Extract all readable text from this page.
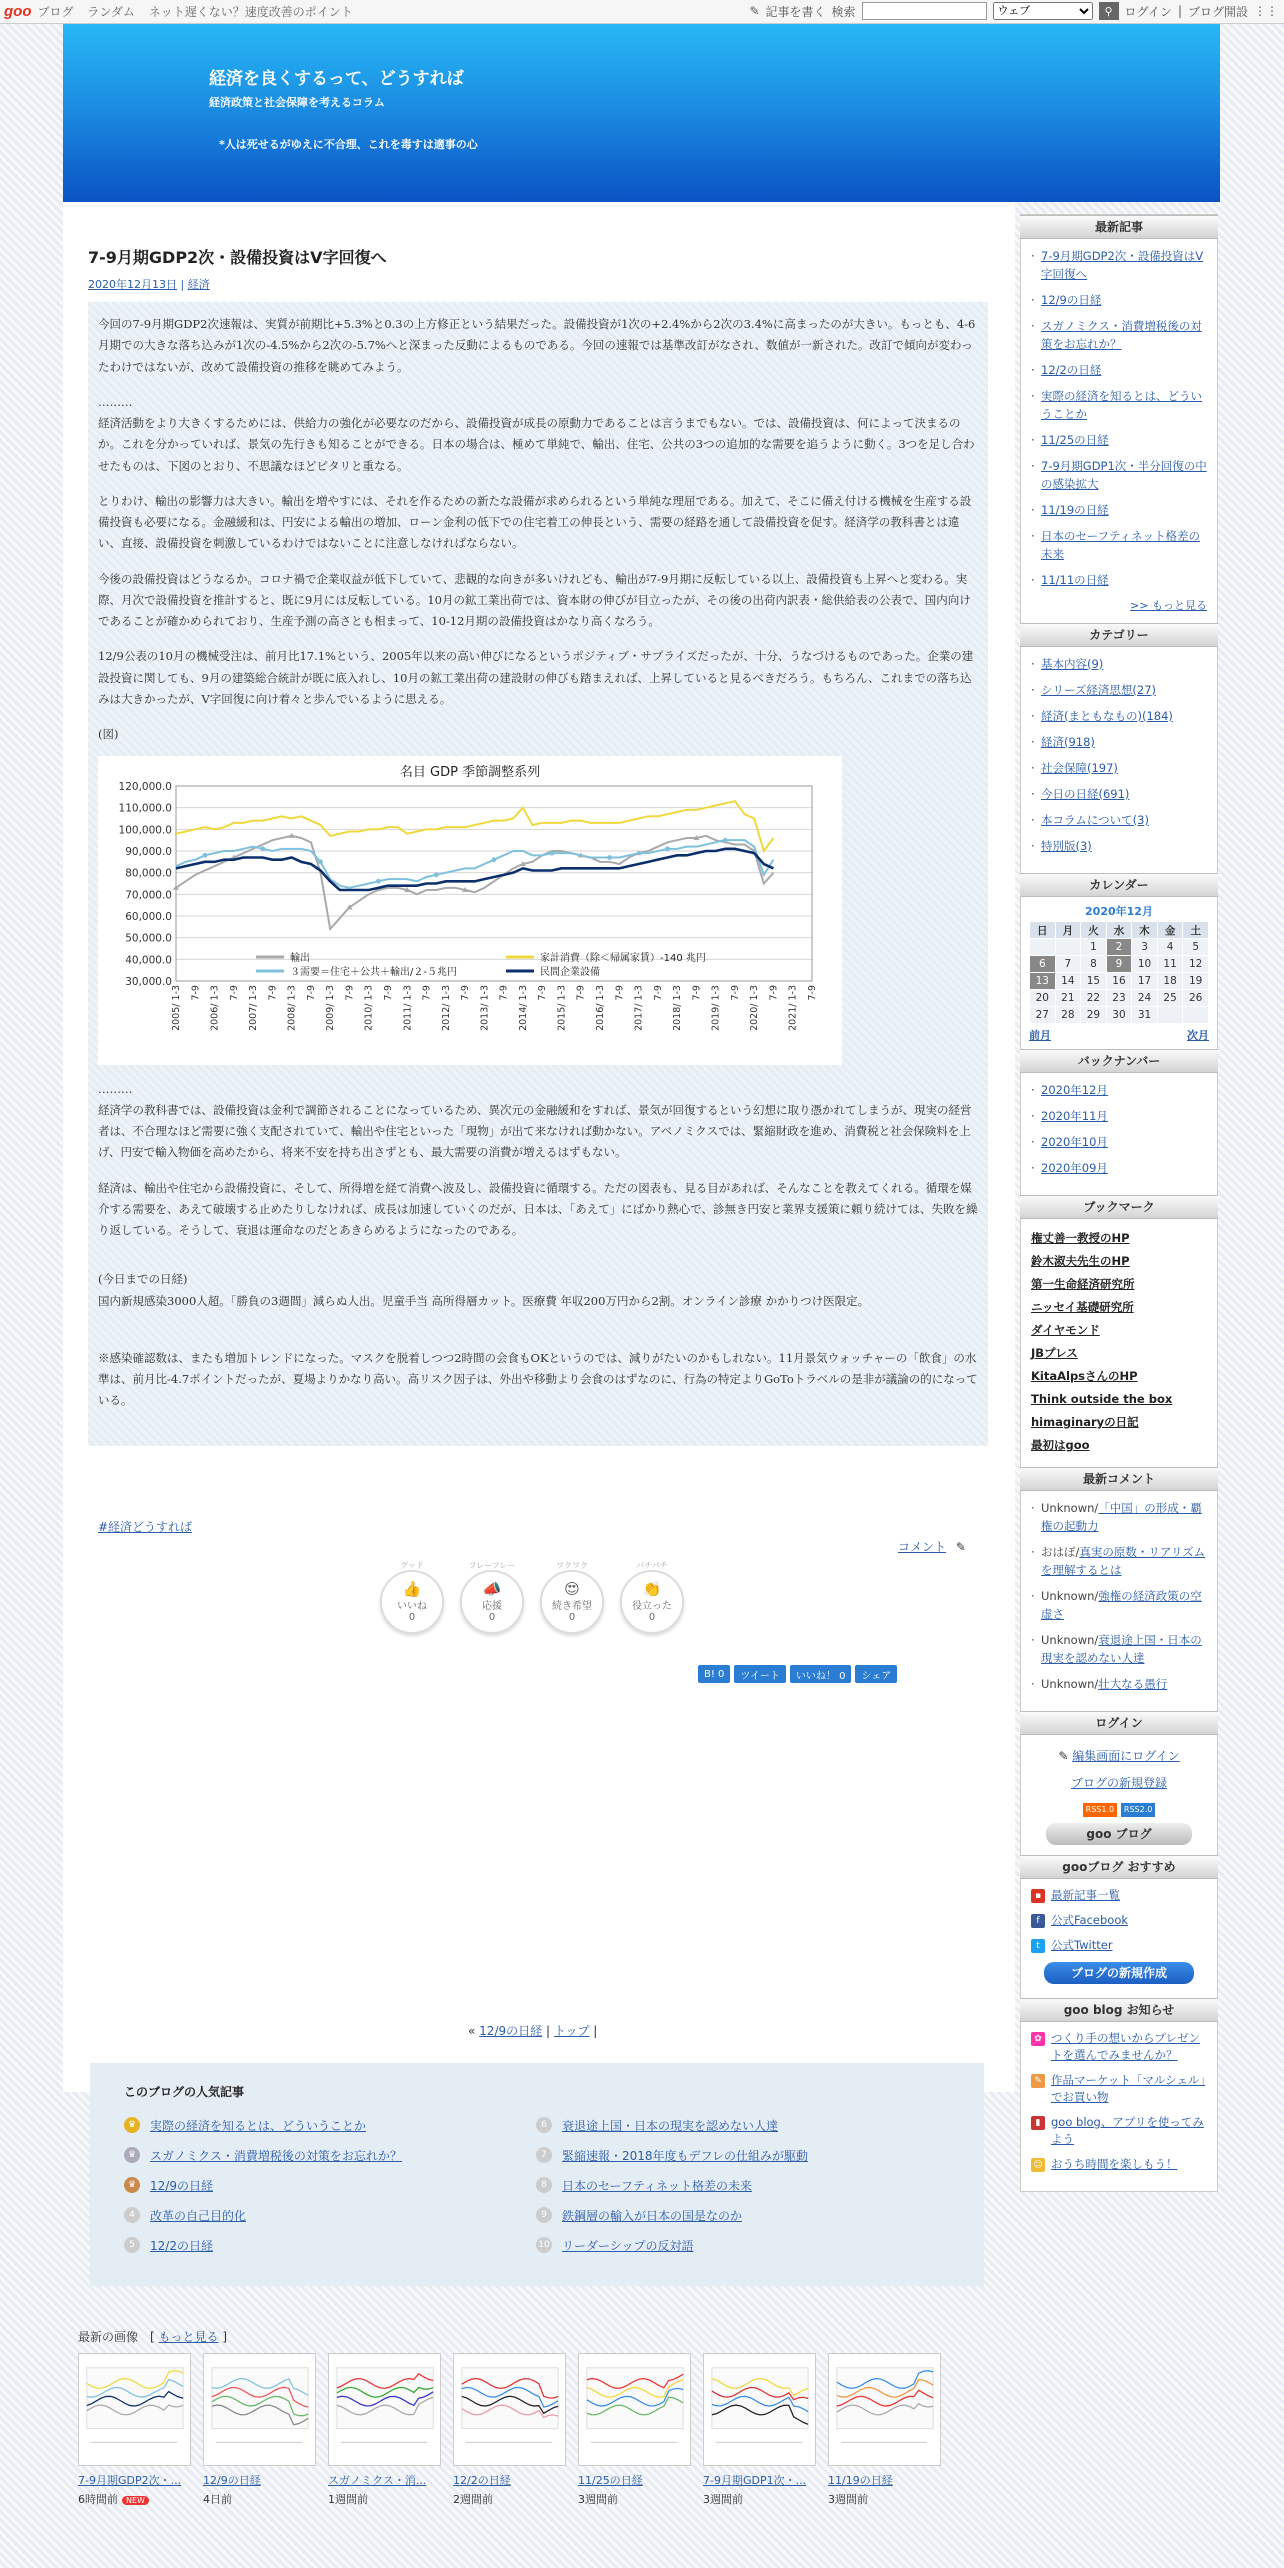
goo ブログ ランダム ネット遅くない？速度改善のポイント	✎ 記事を書く 検索
ウェブ	⚲ ログイン | ブログ開設 ⋮⋮
経済を良くするって、どうすれば
経済政策と社会保障を考えるコラム
*人は死せるがゆえに不合理、これを毒すは適事の心
7-9月期GDP2次・設備投資はV字回復へ
2020年12月13日 | 経済

今回の7-9月期GDP2次速報は、実質が前期比+5.3%と0.3の上方修正という結果だった。設備投資が1次の+2.4%から2次の3.4%に高まったのが大きい。もっとも、4-6月期での大きな落ち込みが1次の-4.5%から2次の-5.7%へと深まった反動によるものである。今回の速報では基準改訂がなされ、数値が一新された。改訂で傾向が変わったわけではないが、改めて設備投資の推移を眺めてみよう。

………

経済活動をより大きくするためには、供給力の強化が必要なのだから、設備投資が成長の原動力であることは言うまでもない。では、設備投資は、何によって決まるのか。これを分かっていれば、景気の先行きも知ることができる。日本の場合は、極めて単純で、輸出、住宅、公共の3つの追加的な需要を追うように動く。3つを足し合わせたものは、下図のとおり、不思議なほどピタリと重なる。

とりわけ、輸出の影響力は大きい。輸出を増やすには、それを作るための新たな設備が求められるという単純な理屈である。加えて、そこに備え付ける機械を生産する設備投資も必要になる。金融緩和は、円安による輸出の増加、ローン金利の低下での住宅着工の伸長という、需要の経路を通して設備投資を促す。経済学の教科書とは違い、直接、設備投資を刺激しているわけではないことに注意しなければならない。

今後の設備投資はどうなるか。コロナ禍で企業収益が低下していて、悲観的な向きが多いけれども、輸出が7-9月期に反転している以上、設備投資も上昇へと変わる。実際、月次で設備投資を推計すると、既に9月には反転している。10月の鉱工業出荷では、資本財の伸びが目立ったが、その後の出荷内訳表・総供給表の公表で、国内向けであることが確かめられており、生産予測の高さとも相まって、10-12月期の設備投資はかなり高くなろう。

12/9公表の10月の機械受注は、前月比17.1%という、2005年以来の高い伸びになるというポジティブ・サプライズだったが、十分、うなづけるものであった。企業の建設投資に関しても、9月の建築総合統計が既に底入れし、10月の鉱工業出荷の建設財の伸びも踏まえれば、上昇していると見るべきだろう。もちろん、これまでの落ち込みは大きかったが、V字回復に向け着々と歩んでいるように思える。

(図)
名目 GDP 季節調整系列
120,000.0
110,000.0
100,000.0
90,000.0
80,000.0
70,000.0
60,000.0
50,000.0
40,000.0
30,000.0
輸出	家計消費（除＜帰属家賃）-140 兆円
３需要＝住宅＋公共＋輸出/２-５兆円	民間企業設備
2005/ 1-3 7-9 2006/ 1-3 7-9 2007/ 1-3 7-9 2008/ 1-3 7-9 2009/ 1-3 7-9 2010/ 1-3 7-9 2011/ 1-3 7-9 2012/ 1-3 7-9 2013/ 1-3 7-9 2014/ 1-3 7-9 2015/ 1-3 7-9 2016/ 1-3 7-9 2017/ 1-3 7-9 2018/ 1-3 7-9 2019/ 1-3 7-9 2020/ 1-3 7-9 2021/ 1-3 7-9

………

経済学の教科書では、設備投資は金利で調節されることになっているため、異次元の金融緩和をすれば、景気が回復するという幻想に取り憑かれてしまうが、現実の経営者は、不合理なほど需要に強く支配されていて、輸出や住宅といった「現物」が出て来なければ動かない。アベノミクスでは、緊縮財政を進め、消費税と社会保険料を上げ、円安で輸入物価を高めたから、将来不安を持ち出さずとも、最大需要の消費が増えるはずもない。

経済は、輸出や住宅から設備投資に、そして、所得増を経て消費へ波及し、設備投資に循環する。ただの図表も、見る目があれば、そんなことを教えてくれる。循環を媒介する需要を、あえて破壊する止めたりしなければ、成長は加速していくのだが、日本は、「あえて」にばかり熱心で、診無き円安と業界支援策に頼り続けては、失敗を繰り返している。そうして、衰退は運命なのだとあきらめるようになったのである。

(今日までの日経)

国内新規感染3000人超。「勝負の3週間」減らぬ人出。児童手当 高所得層カット。医療費 年収200万円から2割。オンライン診療 かかりつけ医限定。

※感染確認数は、またも増加トレンドになった。マスクを脱着しつつ2時間の会食もOKというのでは、減りがたいのかもしれない。11月景気ウォッチャーの「飲食」の水準は、前月比-4.7ポイントだったが、夏場よりかなり高い。高リスク因子は、外出や移動より会食のはずなのに、行為の特定よりGoToトラベルの是非が議論の的になっている。

#経済どうすれば
コメント ✎
グッド
👍
いいね
0
フレーフレー
📣
応援
0
ワクワク
😍
続き希望
0
パチパチ
👏
役立った
0
B! 0	ツイート	いいね！ 0	シェア
« 12/9の日経 | トップ |
このブログの人気記事
♛	実際の経済を知るとは、どういうことか
♛	スガノミクス・消費増税後の対策をお忘れか？
♛	12/9の日経
4	改革の自己目的化
5	12/2の日経
6	衰退途上国・日本の現実を認めない人達
7	緊縮速報・2018年度もデフレの仕組みが駆動
8	日本のセーフティネット格差の未来
9	鉄鋼層の輸入が日本の国是なのか
10 リーダーシップの反対語
最新の画像　[ もっと見る ]
7-9月期GDP2次・...
6時間前 NEW
12/9の日経
4日前
スガノミクス・消...
1週間前
12/2の日経
2週間前
11/25の日経
3週間前
7-9月期GDP1次・...
3週間前
11/19の日経
3週間前
最新記事
· 7-9月期GDP2次・設備投資はV字回復へ
· 12/9の日経
· スガノミクス・消費増税後の対策をお忘れか？
· 12/2の日経
· 実際の経済を知るとは、どういうことか
· 11/25の日経
· 7-9月期GDP1次・半分回復の中の感染拡大
· 11/19の日経
· 日本のセーフティネット格差の未来
· 11/11の日経
>> もっと見る
カテゴリー
· 基本内容(9)
· シリーズ経済思想(27)
· 経済(まともなもの)(184)
· 経済(918)
· 社会保障(197)
· 今日の日経(691)
· 本コラムについて(3)
· 特別版(3)
カレンダー
2020年12月
日	月	火	水	木	金	土
		1	2	3	4	5
6	7	8	9	10	11	12
13	14	15	16	17	18	19
20	21	22	23	24	25	26
27	28	29	30	31		
前月	次月
バックナンバー
· 2020年12月
· 2020年11月
· 2020年10月
· 2020年09月
ブックマーク
権丈善一教授のHP
鈴木淑夫先生のHP
第一生命経済研究所
ニッセイ基礎研究所
ダイヤモンド
JBプレス
KitaAlpsさんのHP
Think outside the box
himaginaryの日記
最初はgoo
最新コメント
· Unknown/「中国」の形成・覇権の起動力
· おはぼ/真実の原数・リアリズムを理解するとは
· Unknown/強権の経済政策の空虚さ
· Unknown/衰退途上国・日本の現実を認めない人達
· Unknown/壮大なる愚行
ログイン
✎ 編集画面にログイン
ブログの新規登録
RSS1.0 RSS2.0
goo ブログ
gooブログ おすすめ
▪ 最新記事一覧
f 公式Facebook
t 公式Twitter
ブログの新規作成
goo blog お知らせ
✿ つくり手の想いからプレゼントを選んでみませんか？
✎ 作品マーケット「マルシェル」でお買い物
▮ goo blog、アプリを使ってみよう
☺ おうち時間を楽しもう！
